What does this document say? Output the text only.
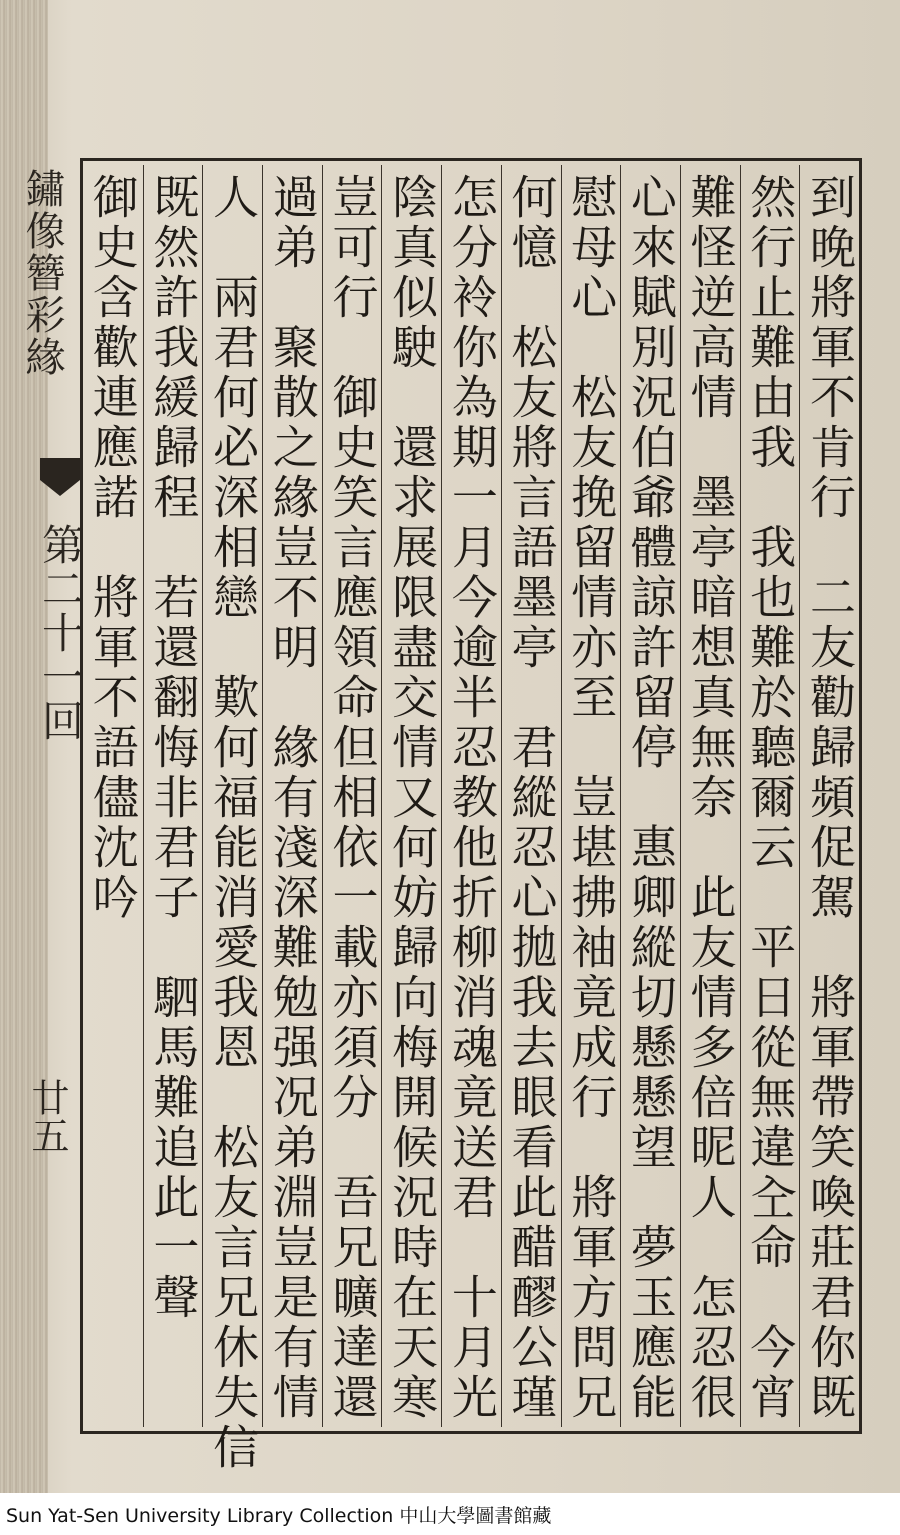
鏽像簪彩緣
第二十一回
廿五	到晚將軍不肯行　二友勸歸頻促駕　將軍帶笑喚莊君你既
然行止難由我　我也難於聽爾云　平日從無違㒰命　今宵
難怪逆高情　墨亭暗想真無奈　此友情多倍昵人　怎忍很
心來賦別況伯爺體諒許留停　惠卿縱切懸懸望　夢玉應能
慰母心　松友挽留情亦至　豈堪拂袖竟成行　將軍方問兄
何憶　松友將言語墨亭　君縱忍心拋我去眼看此醋醪公瑾
怎分袊你為期一月今逾半忍教他折柳消魂竟送君　十月光
陰真似駛　還求展限盡交情又何妨歸向梅開候況時在天寒
豈可行　御史笑言應領命但相依一載亦須分　吾兄曠達還
過弟　聚散之緣豈不明　緣有淺深難勉强况弟淵豈是有情
人　兩君何必深相戀　歎何福能消愛我恩　松友言兄休失信
既然許我緩歸程　若還翻悔非君子　駟馬難追此一聲
御史含歡連應諾　將軍不語儘沈吟
Sun Yat-Sen University Library Collection 中山大學圖書館藏
